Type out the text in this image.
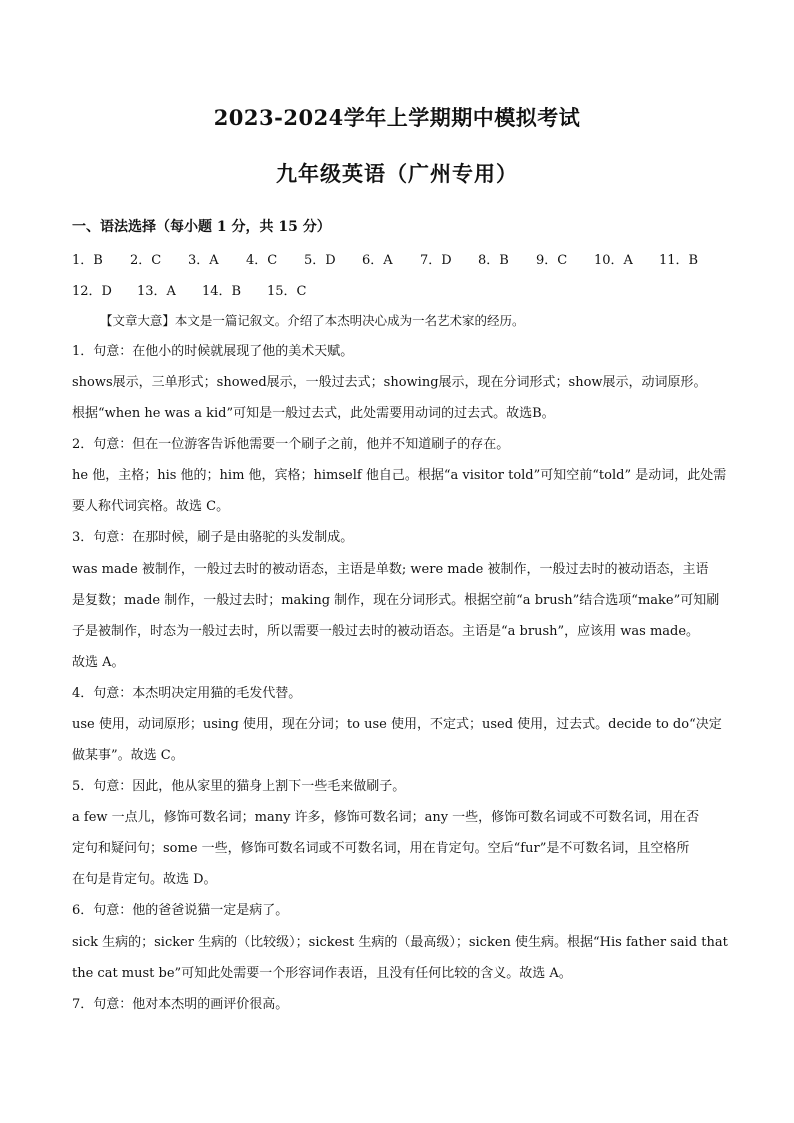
2023-2024学年上学期期中模拟考试
九年级英语（广州专用）
一、语法选择（每小题 1 分，共 15 分）
1．B 2．C 3．A 4．C 5．D 6．A 7．D 8．B 9．C 10．A 11．B
12．D 13．A 14．B 15．C
【文章大意】本文是一篇记叙文。介绍了本杰明决心成为一名艺术家的经历。
1．句意：在他小的时候就展现了他的美术天赋。
shows展示，三单形式；showed展示，一般过去式；showing展示，现在分词形式；show展示，动词原形。
根据“when he was a kid”可知是一般过去式，此处需要用动词的过去式。故选B。
2．句意：但在一位游客告诉他需要一个刷子之前，他并不知道刷子的存在。
he 他，主格；his 他的；him 他，宾格；himself 他自己。根据“a visitor told”可知空前“told” 是动词，此处需
要人称代词宾格。故选 C。
3．句意：在那时候，刷子是由骆驼的头发制成。
was made 被制作，一般过去时的被动语态，主语是单数; were made 被制作，一般过去时的被动语态，主语
是复数；made 制作，一般过去时；making 制作，现在分词形式。根据空前“a brush”结合选项“make”可知刷
子是被制作，时态为一般过去时，所以需要一般过去时的被动语态。主语是“a brush”，应该用 was made。
故选 A。
4．句意：本杰明决定用猫的毛发代替。
use 使用，动词原形；using 使用，现在分词；to use 使用，不定式；used 使用，过去式。decide to do“决定
做某事”。故选 C。
5．句意：因此，他从家里的猫身上割下一些毛来做刷子。
a few 一点儿，修饰可数名词；many 许多，修饰可数名词；any 一些，修饰可数名词或不可数名词，用在否
定句和疑问句；some 一些，修饰可数名词或不可数名词，用在肯定句。空后“fur”是不可数名词，且空格所
在句是肯定句。故选 D。
6．句意：他的爸爸说猫一定是病了。
sick 生病的；sicker 生病的（比较级）；sickest 生病的（最高级）；sicken 使生病。根据“His father said that
the cat must be”可知此处需要一个形容词作表语，且没有任何比较的含义。故选 A。
7．句意：他对本杰明的画评价很高。
